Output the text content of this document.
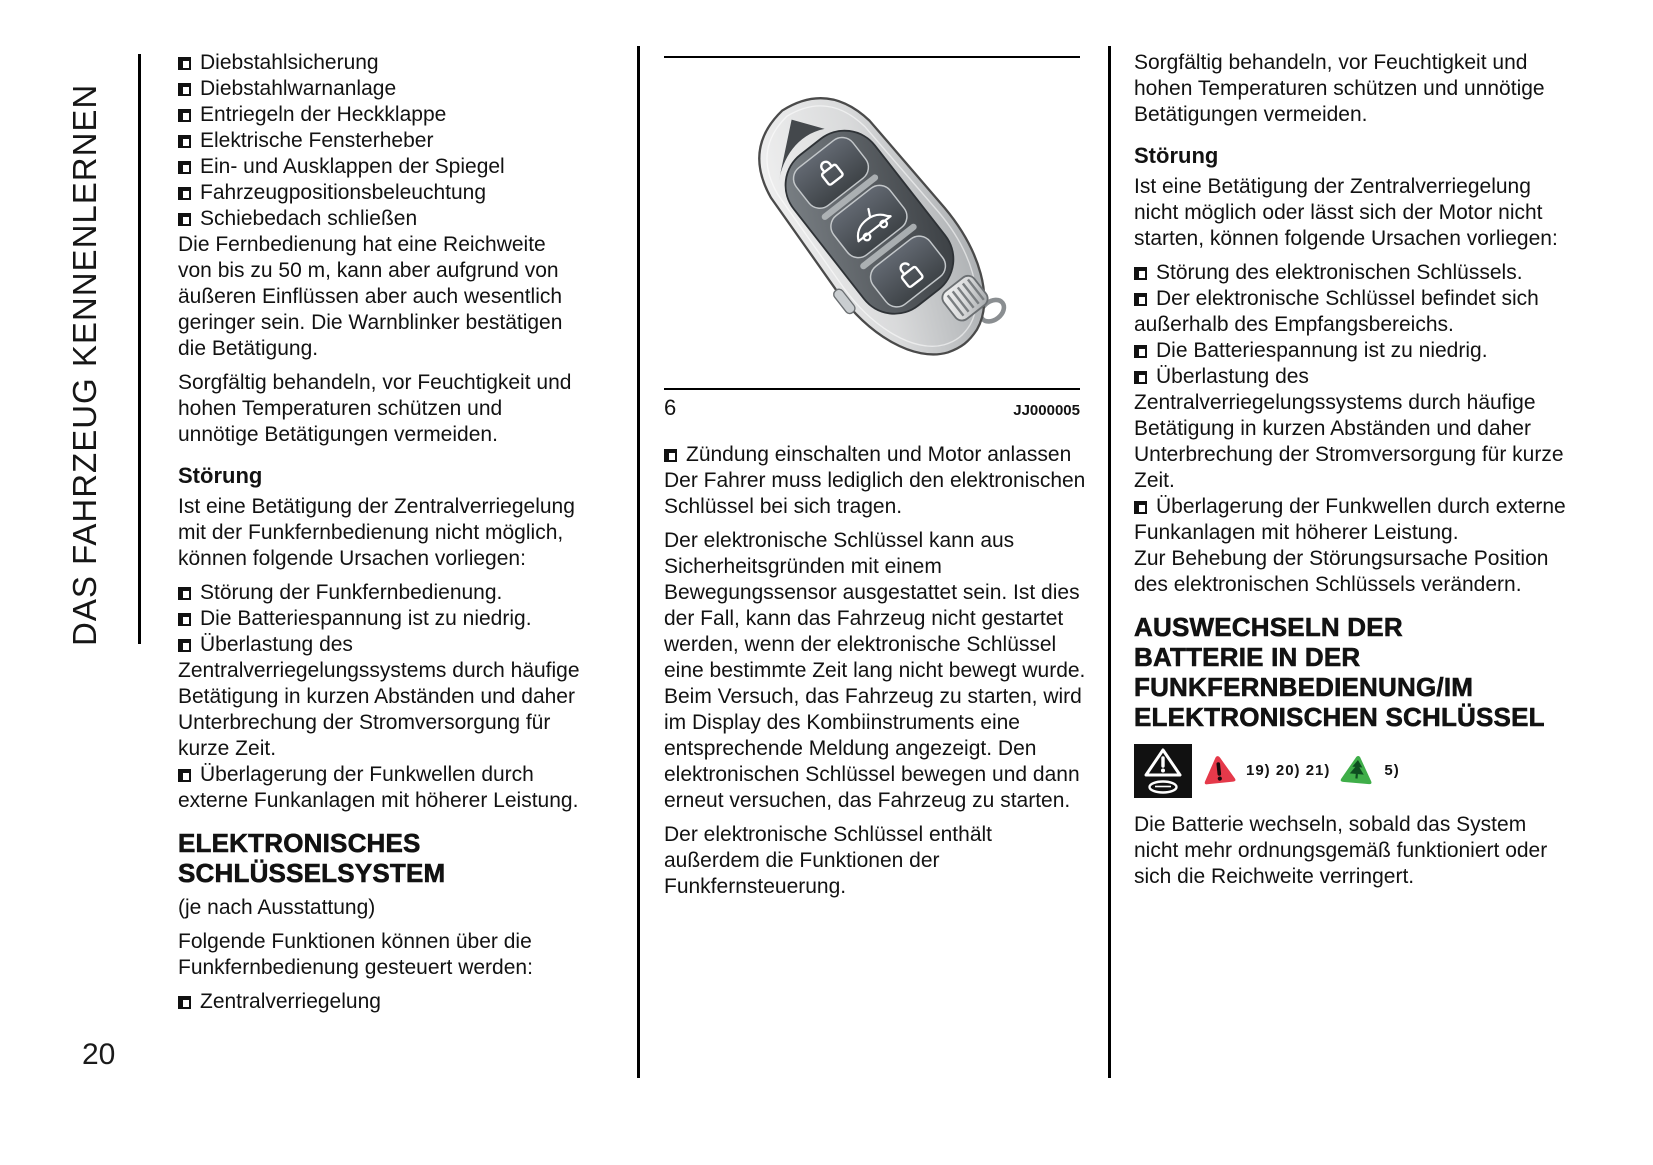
DAS FAHRZEUG KENNENLERNEN
20

Diebstahlsicherung

Diebstahlwarnanlage

Entriegeln der Heckklappe

Elektrische Fensterheber

Ein- und Ausklappen der Spiegel

Fahrzeugpositionsbeleuchtung

Schiebedach schließen

Die Fernbedienung hat eine Reichweite von bis zu 50 m, kann aber aufgrund von äußeren Einflüssen aber auch wesentlich geringer sein. Die Warnblinker bestätigen die Betätigung.

Sorgfältig behandeln, vor Feuchtigkeit und hohen Temperaturen schützen und unnötige Betätigungen vermeiden.

Störung

Ist eine Betätigung der Zentralverriegelung mit der Funkfernbedienung nicht möglich, können folgende Ursachen vorliegen:

Störung der Funkfernbedienung.

Die Batteriespannung ist zu niedrig.

Überlastung des Zentralverriegelungssystems durch häufige Betätigung in kurzen Abständen und daher Unterbrechung der Stromversorgung für kurze Zeit.

Überlagerung der Funkwellen durch externe Funkanlagen mit höherer Leistung.

ELEKTRONISCHES
SCHLÜSSELSYSTEM

(je nach Ausstattung)

Folgende Funktionen können über die Funkfernbedienung gesteuert werden:

Zentralverriegelung

6	JJ000005

Zündung einschalten und Motor anlassen

Der Fahrer muss lediglich den elektronischen Schlüssel bei sich tragen.

Der elektronische Schlüssel kann aus Sicherheitsgründen mit einem Bewegungssensor ausgestattet sein. Ist dies der Fall, kann das Fahrzeug nicht gestartet werden, wenn der elektronische Schlüssel eine bestimmte Zeit lang nicht bewegt wurde. Beim Versuch, das Fahrzeug zu starten, wird im Display des Kombiinstruments eine entsprechende Meldung angezeigt. Den elektronischen Schlüssel bewegen und dann erneut versuchen, das Fahrzeug zu starten.

Der elektronische Schlüssel enthält außerdem die Funktionen der Funkfernsteuerung.

Sorgfältig behandeln, vor Feuchtigkeit und hohen Temperaturen schützen und unnötige Betätigungen vermeiden.

Störung

Ist eine Betätigung der Zentralverriegelung nicht möglich oder lässt sich der Motor nicht starten, können folgende Ursachen vorliegen:

Störung des elektronischen Schlüssels.

Der elektronische Schlüssel befindet sich außerhalb des Empfangsbereichs.

Die Batteriespannung ist zu niedrig.

Überlastung des Zentralverriegelungssystems durch häufige Betätigung in kurzen Abständen und daher Unterbrechung der Stromversorgung für kurze Zeit.

Überlagerung der Funkwellen durch externe Funkanlagen mit höherer Leistung.

Zur Behebung der Störungsursache Position des elektronischen Schlüssels verändern.

AUSWECHSELN DER
BATTERIE IN DER
FUNKFERNBEDIENUNG/IM
ELEKTRONISCHEN SCHLÜSSEL
19) 20) 21)	5)

Die Batterie wechseln, sobald das System nicht mehr ordnungsgemäß funktioniert oder sich die Reichweite verringert.
